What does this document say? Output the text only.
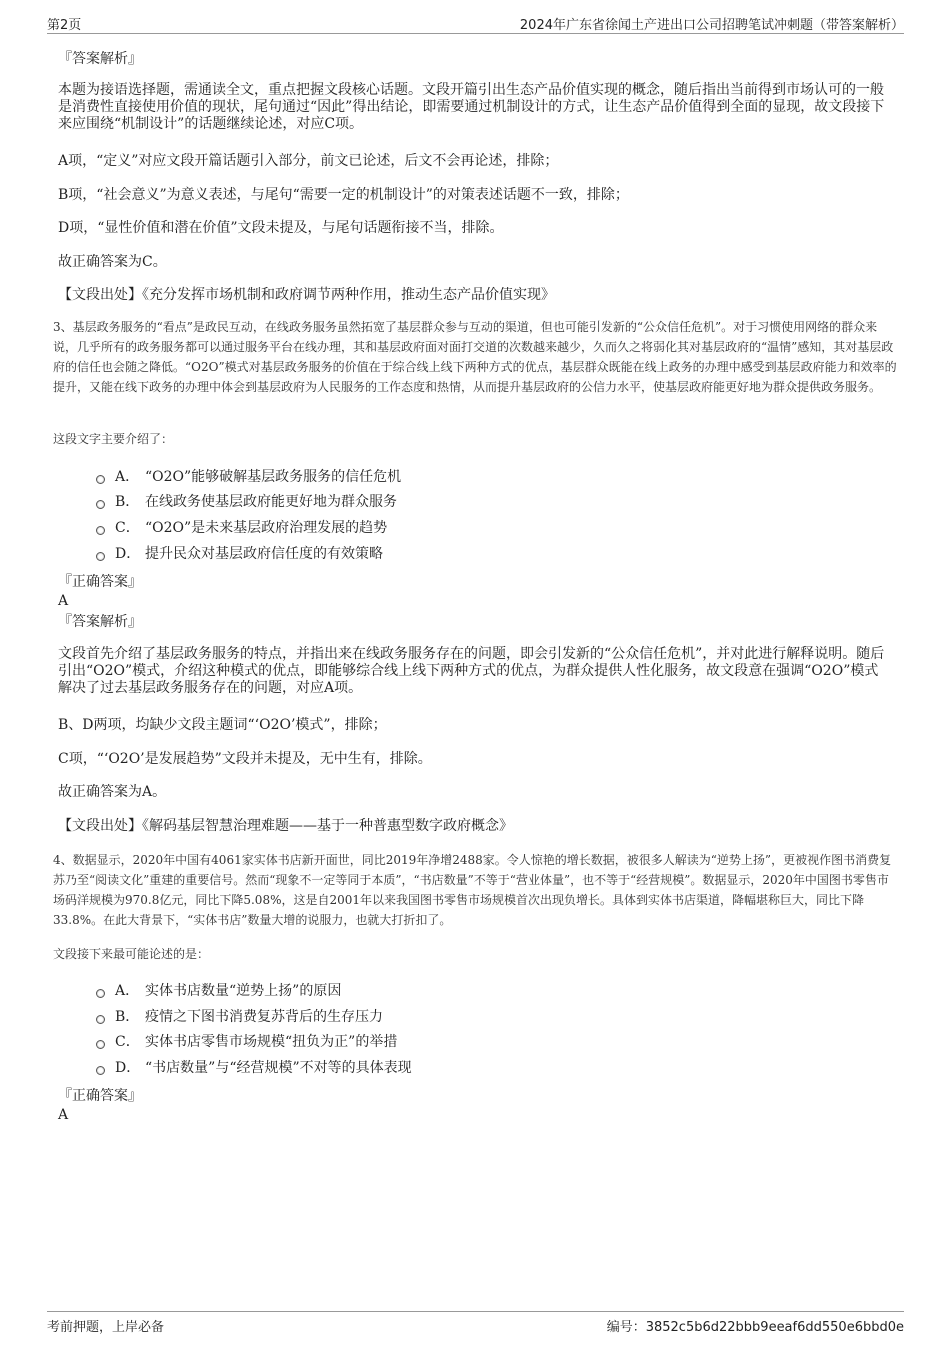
第2页	2024年广东省徐闻土产进出口公司招聘笔试冲刺题（带答案解析）
『答案解析』
本题为接语选择题，需通读全文，重点把握文段核心话题。文段开篇引出生态产品价值实现的概念，随后指出当前得到市场认可的一般是消费性直接使用价值的现状，尾句通过“因此”得出结论，即需要通过机制设计的方式，让生态产品价值得到全面的显现，故文段接下来应围绕“机制设计”的话题继续论述，对应C项。
A项，“定义”对应文段开篇话题引入部分，前文已论述，后文不会再论述，排除；
B项，“社会意义”为意义表述，与尾句“需要一定的机制设计”的对策表述话题不一致，排除；
D项，“显性价值和潜在价值”文段未提及，与尾句话题衔接不当，排除。
故正确答案为C。
【文段出处】《充分发挥市场机制和政府调节两种作用，推动生态产品价值实现》
3、基层政务服务的“看点”是政民互动，在线政务服务虽然拓宽了基层群众参与互动的渠道，但也可能引发新的“公众信任危机”。对于习惯使用网络的群众来说，几乎所有的政务服务都可以通过服务平台在线办理，其和基层政府面对面打交道的次数越来越少，久而久之将弱化其对基层政府的“温情”感知，其对基层政府的信任也会随之降低。“O2O”模式对基层政务服务的价值在于综合线上线下两种方式的优点，基层群众既能在线上政务的办理中感受到基层政府能力和效率的提升，又能在线下政务的办理中体会到基层政府为人民服务的工作态度和热情，从而提升基层政府的公信力水平，使基层政府能更好地为群众提供政务服务。
这段文字主要介绍了：
A． “O2O”能够破解基层政务服务的信任危机
B． 在线政务使基层政府能更好地为群众服务
C． “O2O”是未来基层政府治理发展的趋势
D． 提升民众对基层政府信任度的有效策略
『正确答案』
A
『答案解析』
文段首先介绍了基层政务服务的特点，并指出来在线政务服务存在的问题，即会引发新的“公众信任危机”，并对此进行解释说明。随后引出“O2O”模式，介绍这种模式的优点，即能够综合线上线下两种方式的优点，为群众提供人性化服务，故文段意在强调“O2O”模式解决了过去基层政务服务存在的问题，对应A项。
B、D两项，均缺少文段主题词“‘O2O’模式”，排除；
C项，“‘O2O’是发展趋势”文段并未提及，无中生有，排除。
故正确答案为A。
【文段出处】《解码基层智慧治理难题——基于一种普惠型数字政府概念》
4、数据显示，2020年中国有4061家实体书店新开面世，同比2019年净增2488家。令人惊艳的增长数据，被很多人解读为“逆势上扬”，更被视作图书消费复苏乃至“阅读文化”重建的重要信号。然而“现象不一定等同于本质”，“书店数量”不等于“营业体量”，也不等于“经营规模”。数据显示，2020年中国图书零售市场码洋规模为970.8亿元，同比下降5.08%，这是自2001年以来我国图书零售市场规模首次出现负增长。具体到实体书店渠道，降幅堪称巨大，同比下降33.8%。在此大背景下，“实体书店”数量大增的说服力，也就大打折扣了。
文段接下来最可能论述的是：
A． 实体书店数量“逆势上扬”的原因
B． 疫情之下图书消费复苏背后的生存压力
C． 实体书店零售市场规模“扭负为正”的举措
D． “书店数量”与“经营规模”不对等的具体表现
『正确答案』
A
考前押题，上岸必备	编号：3852c5b6d22bbb9eeaf6dd550e6bbd0e
